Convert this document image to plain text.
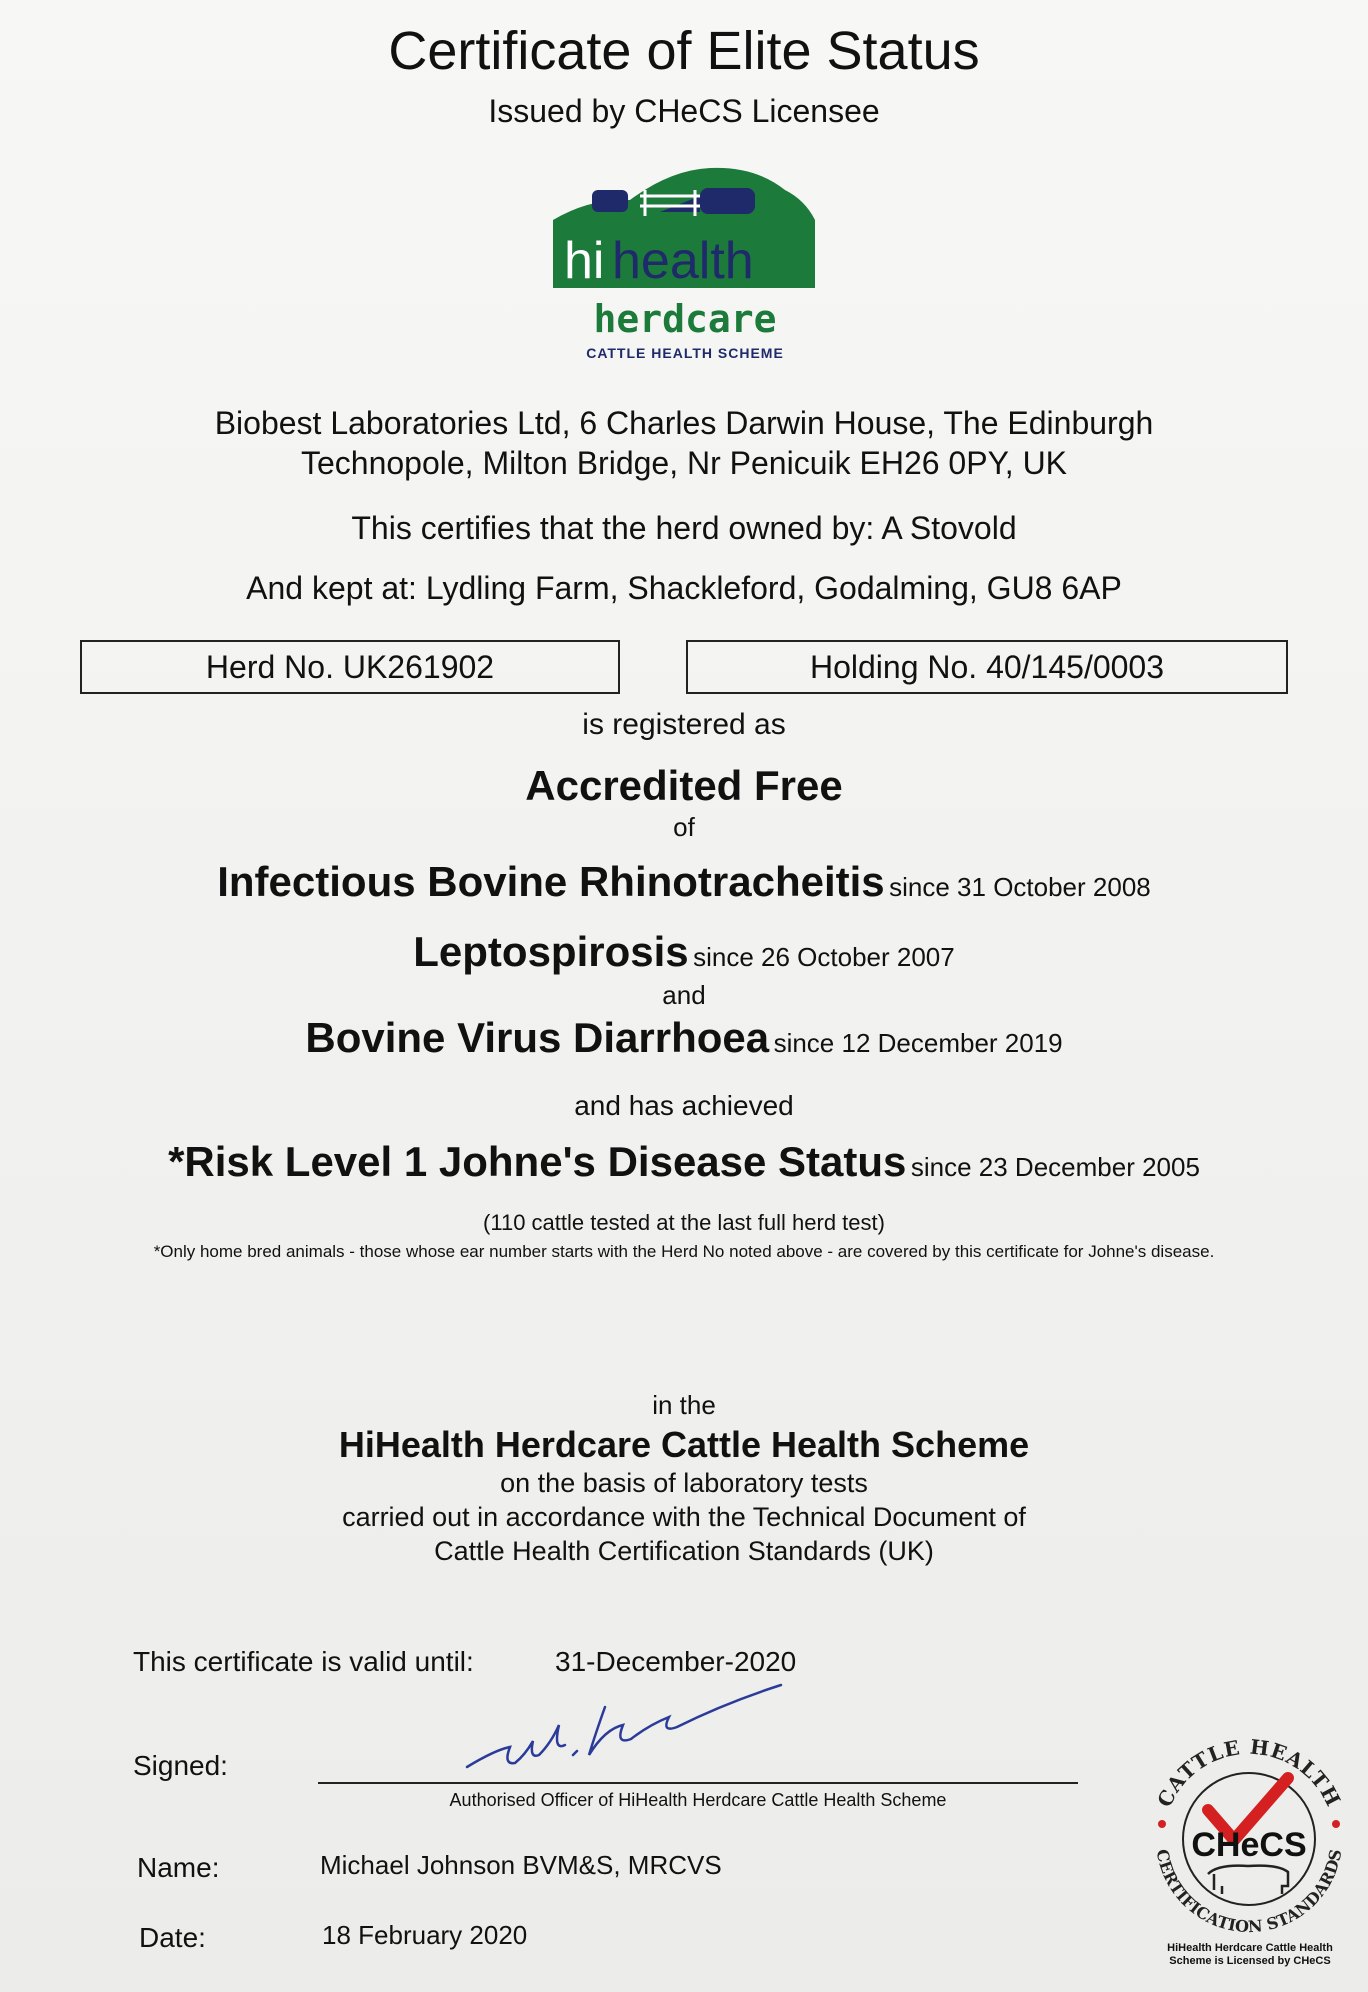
Certificate of Elite Status
Issued by CHeCS Licensee
hi health
herdcare
CATTLE HEALTH SCHEME
Biobest Laboratories Ltd, 6 Charles Darwin House, The Edinburgh
Technopole, Milton Bridge, Nr Penicuik EH26 0PY, UK
This certifies that the herd owned by: A Stovold
And kept at: Lydling Farm, Shackleford, Godalming, GU8 6AP
Herd No. UK261902	Holding No. 40/145/0003
is registered as
Accredited Free
of
Infectious Bovine Rhinotracheitis since 31 October 2008
Leptospirosis since 26 October 2007
and
Bovine Virus Diarrhoea since 12 December 2019
and has achieved
*Risk Level 1 Johne's Disease Status since 23 December 2005
(110 cattle tested at the last full herd test)
*Only home bred animals - those whose ear number starts with the Herd No noted above - are covered by this certificate for Johne's disease.
in the
HiHealth Herdcare Cattle Health Scheme
on the basis of laboratory tests
carried out in accordance with the Technical Document of
Cattle Health Certification Standards (UK)
This certificate is valid until:	31-December-2020
Signed:
Authorised Officer of HiHealth Herdcare Cattle Health Scheme
Name:	Michael Johnson BVM&S, MRCVS
Date:	18 February 2020
CATTLE HEALTH
CERTIFICATION STANDARDS
CHeCS
HiHealth Herdcare Cattle Health
Scheme is Licensed by CHeCS
